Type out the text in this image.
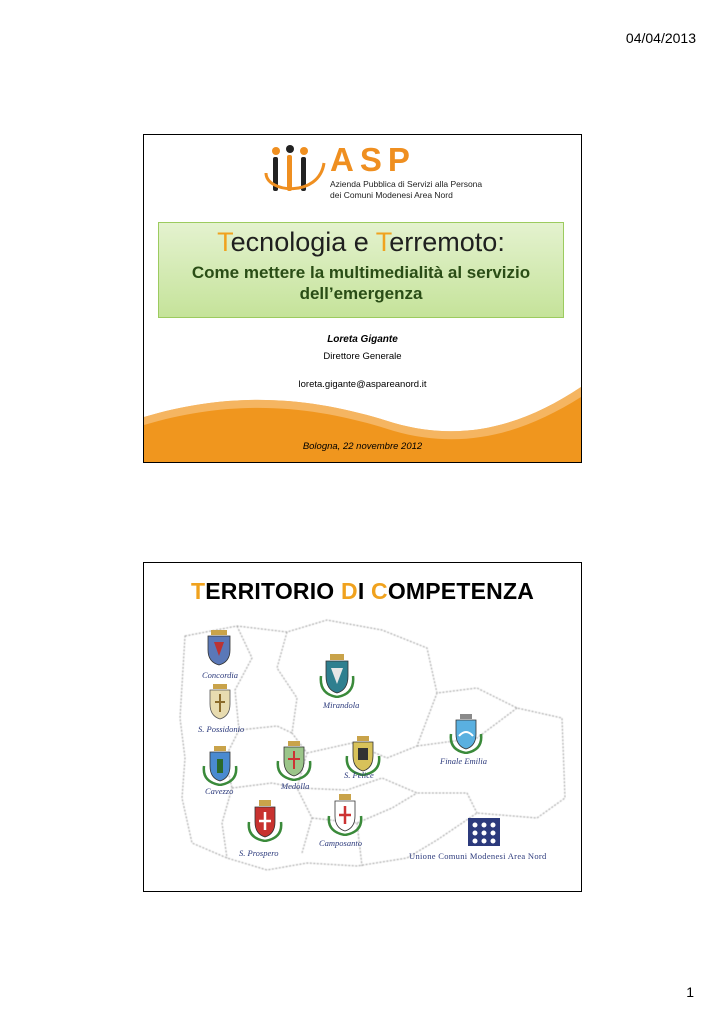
04/04/2013
ASP
Azienda Pubblica di Servizi alla Persona
dei Comuni Modenesi Area Nord
Tecnologia e Terremoto:
Come mettere la multimedialità al servizio dell’emergenza
Loreta Gigante
Direttore Generale
loreta.gigante@aspareanord.it
Bologna, 22 novembre 2012
TERRITORIO DI COMPETENZA
Concordia
Mirandola
S. Possidonio
Cavezzo	Medolla
S. Felice
Finale Emilia
S. Prospero
Camposanto
Unione Comuni Modenesi Area Nord
1
